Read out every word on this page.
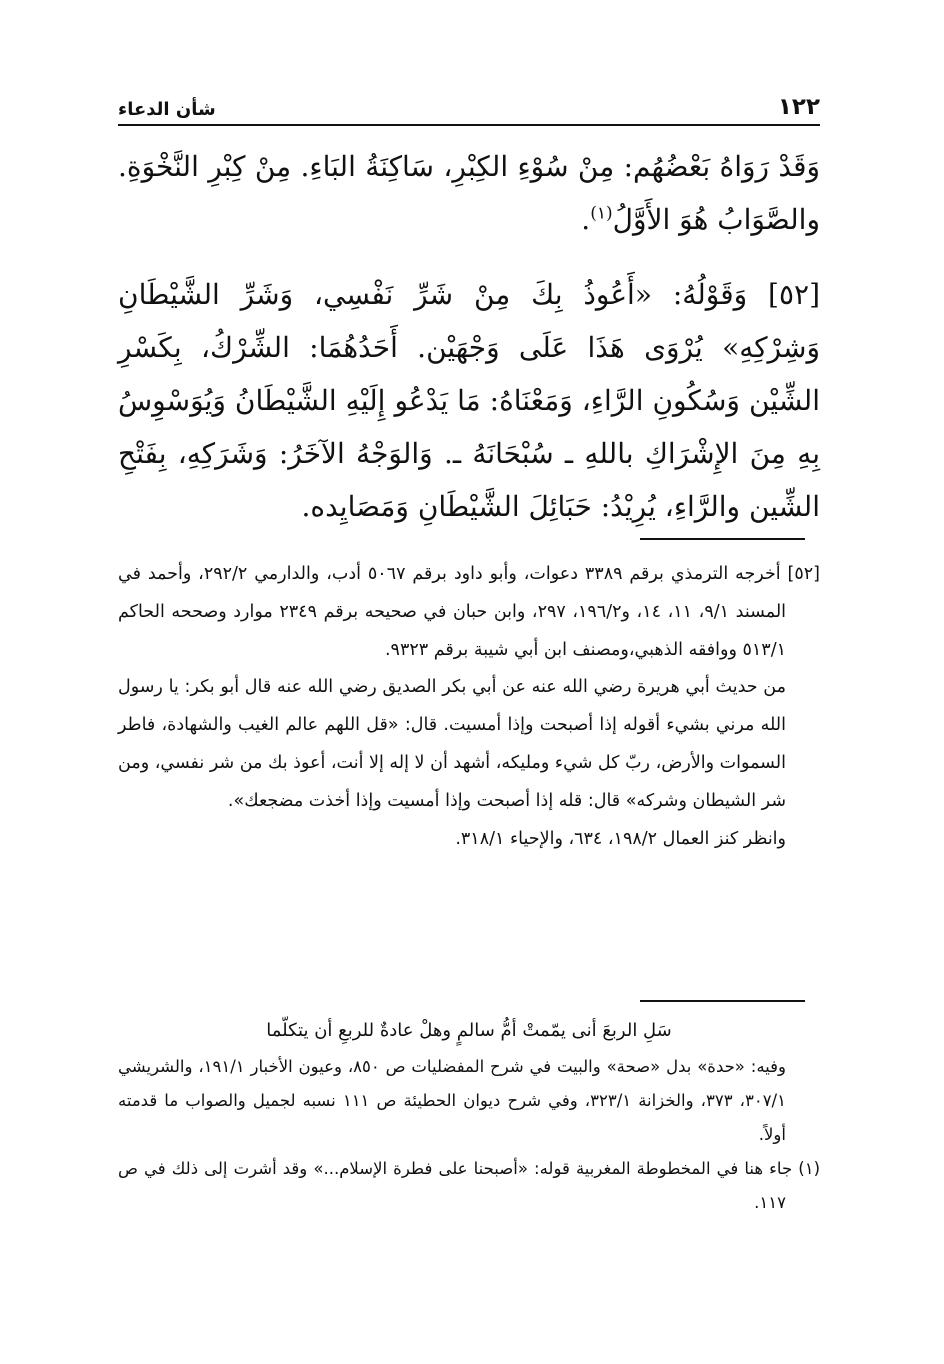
١٢٢
شأن الدعاء

وَقَدْ رَوَاهُ بَعْضُهُم: مِنْ سُوْءِ الكِبْرِ، سَاكِنَةُ البَاءِ. مِنْ كِبْرِ النَّخْوَةِ. والصَّوَابُ هُوَ الأَوَّلُ$^{(١)}$.

[٥٢] وَقَوْلُهُ: «أَعُوذُ بِكَ مِنْ شَرِّ نَفْسِي، وَشَرِّ الشَّيْطَانِ وَشِرْكِهِ» يُرْوَى هَذَا عَلَى وَجْهَيْن. أَحَدُهُمَا: الشِّرْكُ، بِكَسْرِ الشِّيْن وَسُكُونِ الرَّاءِ، وَمَعْنَاهُ: مَا يَدْعُو إِلَيْهِ الشَّيْطَانُ وَيُوَسْوِسُ بِهِ مِنَ الإِشْرَاكِ باللهِ ـ سُبْحَانَهُ ـ. وَالوَجْهُ الآخَرُ: وَشَرَكِهِ، بِفَتْحِ الشِّين والرَّاءِ، يُرِيْدُ: حَبَائِلَ الشَّيْطَانِ وَمَصَايِده.

[٥٢] أخرجه الترمذي برقم ٣٣٨٩ دعوات، وأبو داود برقم ٥٠٦٧ أدب، والدارمي ٢٩٢/٢، وأحمد في المسند ٩/١، ١١، ١٤، و١٩٦/٢، ٢٩٧، وابن حبان في صحيحه برقم ٢٣٤٩ موارد وصححه الحاكم ٥١٣/١ ووافقه الذهبي،ومصنف ابن أبي شيبة برقم ٩٣٢٣.

من حديث أبي هريرة رضي الله عنه عن أبي بكر الصديق رضي الله عنه قال أبو بكر: يا رسول الله مرني بشيء أقوله إذا أصبحت وإذا أمسيت. قال: «قل اللهم عالم الغيب والشهادة، فاطر السموات والأرض، ربّ كل شيء ومليكه، أشهد أن لا إله إلا أنت، أعوذ بك من شر نفسي، ومن شر الشيطان وشركه» قال: قله إذا أصبحت وإذا أمسيت وإذا أخذت مضجعك».

وانظر كنز العمال ١٩٨/٢، ٦٣٤، والإحياء ٣١٨/١.

سَلِ الربعَ أنى يمّمتْ أمُّ سالمٍ وهلْ عادةٌ للربعِ أن يتكلّما

وفيه: «حدة» بدل «صحة» والبيت في شرح المفضليات ص ٨٥٠، وعيون الأخبار ١٩١/١، والشريشي ٣٠٧/١، ٣٧٣، والخزانة ٣٢٣/١، وفي شرح ديوان الحطيئة ص ١١١ نسبه لجميل والصواب ما قدمته أولاً.

(١) جاء هنا في المخطوطة المغربية قوله: «أصبحنا على فطرة الإسلام...» وقد أشرت إلى ذلك في ص ١١٧.
